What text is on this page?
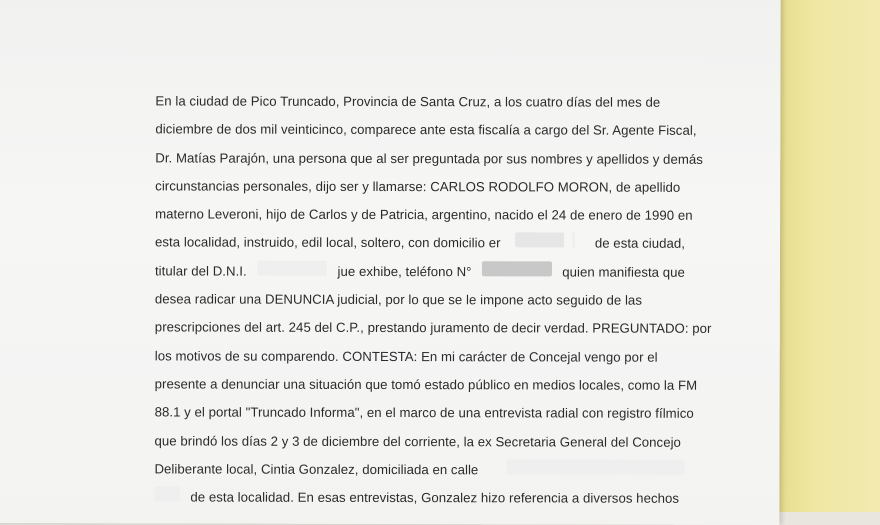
En la ciudad de Pico Truncado, Provincia de Santa Cruz, a los cuatro días del mes de
diciembre de dos mil veinticinco, comparece ante esta fiscalía a cargo del Sr. Agente Fiscal,
Dr. Matías Parajón, una persona que al ser preguntada por sus nombres y apellidos y demás
circunstancias personales, dijo ser y llamarse: CARLOS RODOLFO MORON, de apellido
materno Leveroni, hijo de Carlos y de Patricia, argentino, nacido el 24 de enero de 1990 en
esta localidad, instruido, edil local, soltero, con domicilio er	de esta ciudad,
titular del D.N.I.	jue exhibe, teléfono N°	quien manifiesta que
desea radicar una DENUNCIA judicial, por lo que se le impone acto seguido de las
prescripciones del art. 245 del C.P., prestando juramento de decir verdad. PREGUNTADO: por
los motivos de su comparendo. CONTESTA: En mi carácter de Concejal vengo por el
presente a denunciar una situación que tomó estado público en medios locales, como la FM
88.1 y el portal "Truncado Informa", en el marco de una entrevista radial con registro fílmico
que brindó los días 2 y 3 de diciembre del corriente, la ex Secretaria General del Concejo
Deliberante local, Cintia Gonzalez, domiciliada en calle
de esta localidad. En esas entrevistas, Gonzalez hizo referencia a diversos hechos
